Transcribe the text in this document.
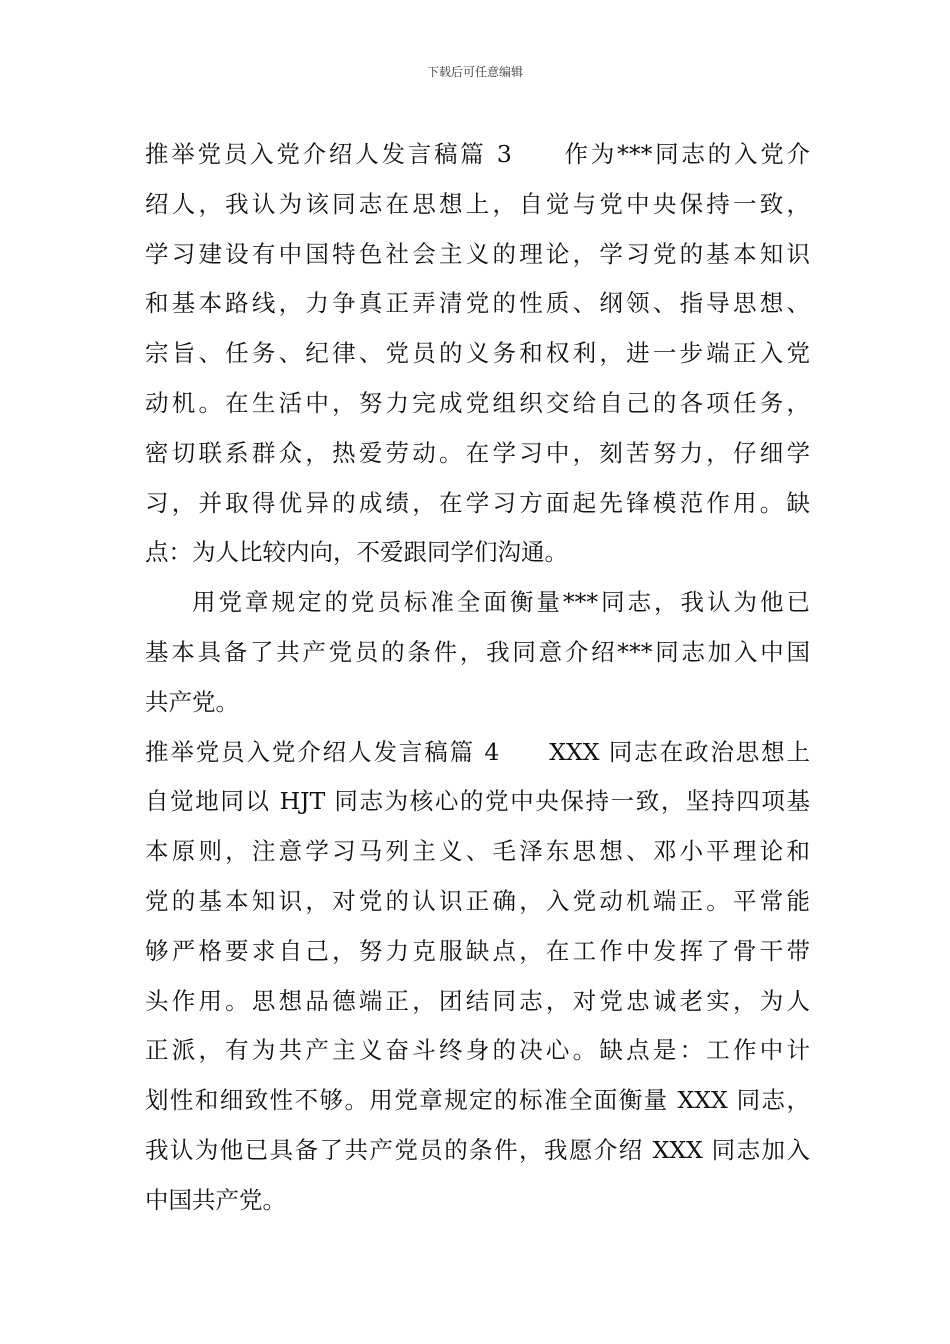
下载后可任意编辑
推举党员入党介绍人发言稿篇 3 作为***同志的入党介
绍人，我认为该同志在思想上，自觉与党中央保持一致，
学习建设有中国特色社会主义的理论，学习党的基本知识
和基本路线，力争真正弄清党的性质、纲领、指导思想、
宗旨、任务、纪律、党员的义务和权利，进一步端正入党
动机。在生活中，努力完成党组织交给自己的各项任务，
密切联系群众，热爱劳动。在学习中，刻苦努力，仔细学
习，并取得优异的成绩，在学习方面起先锋模范作用。缺
点：为人比较内向，不爱跟同学们沟通。
用党章规定的党员标准全面衡量***同志，我认为他已
基本具备了共产党员的条件，我同意介绍***同志加入中国
共产党。
推举党员入党介绍人发言稿篇 4 XXX 同志在政治思想上
自觉地同以 HJT 同志为核心的党中央保持一致，坚持四项基
本原则，注意学习马列主义、毛泽东思想、邓小平理论和
党的基本知识，对党的认识正确，入党动机端正。平常能
够严格要求自己，努力克服缺点，在工作中发挥了骨干带
头作用。思想品德端正，团结同志，对党忠诚老实，为人
正派，有为共产主义奋斗终身的决心。缺点是：工作中计
划性和细致性不够。用党章规定的标准全面衡量 XXX 同志，
我认为他已具备了共产党员的条件，我愿介绍 XXX 同志加入
中国共产党。
